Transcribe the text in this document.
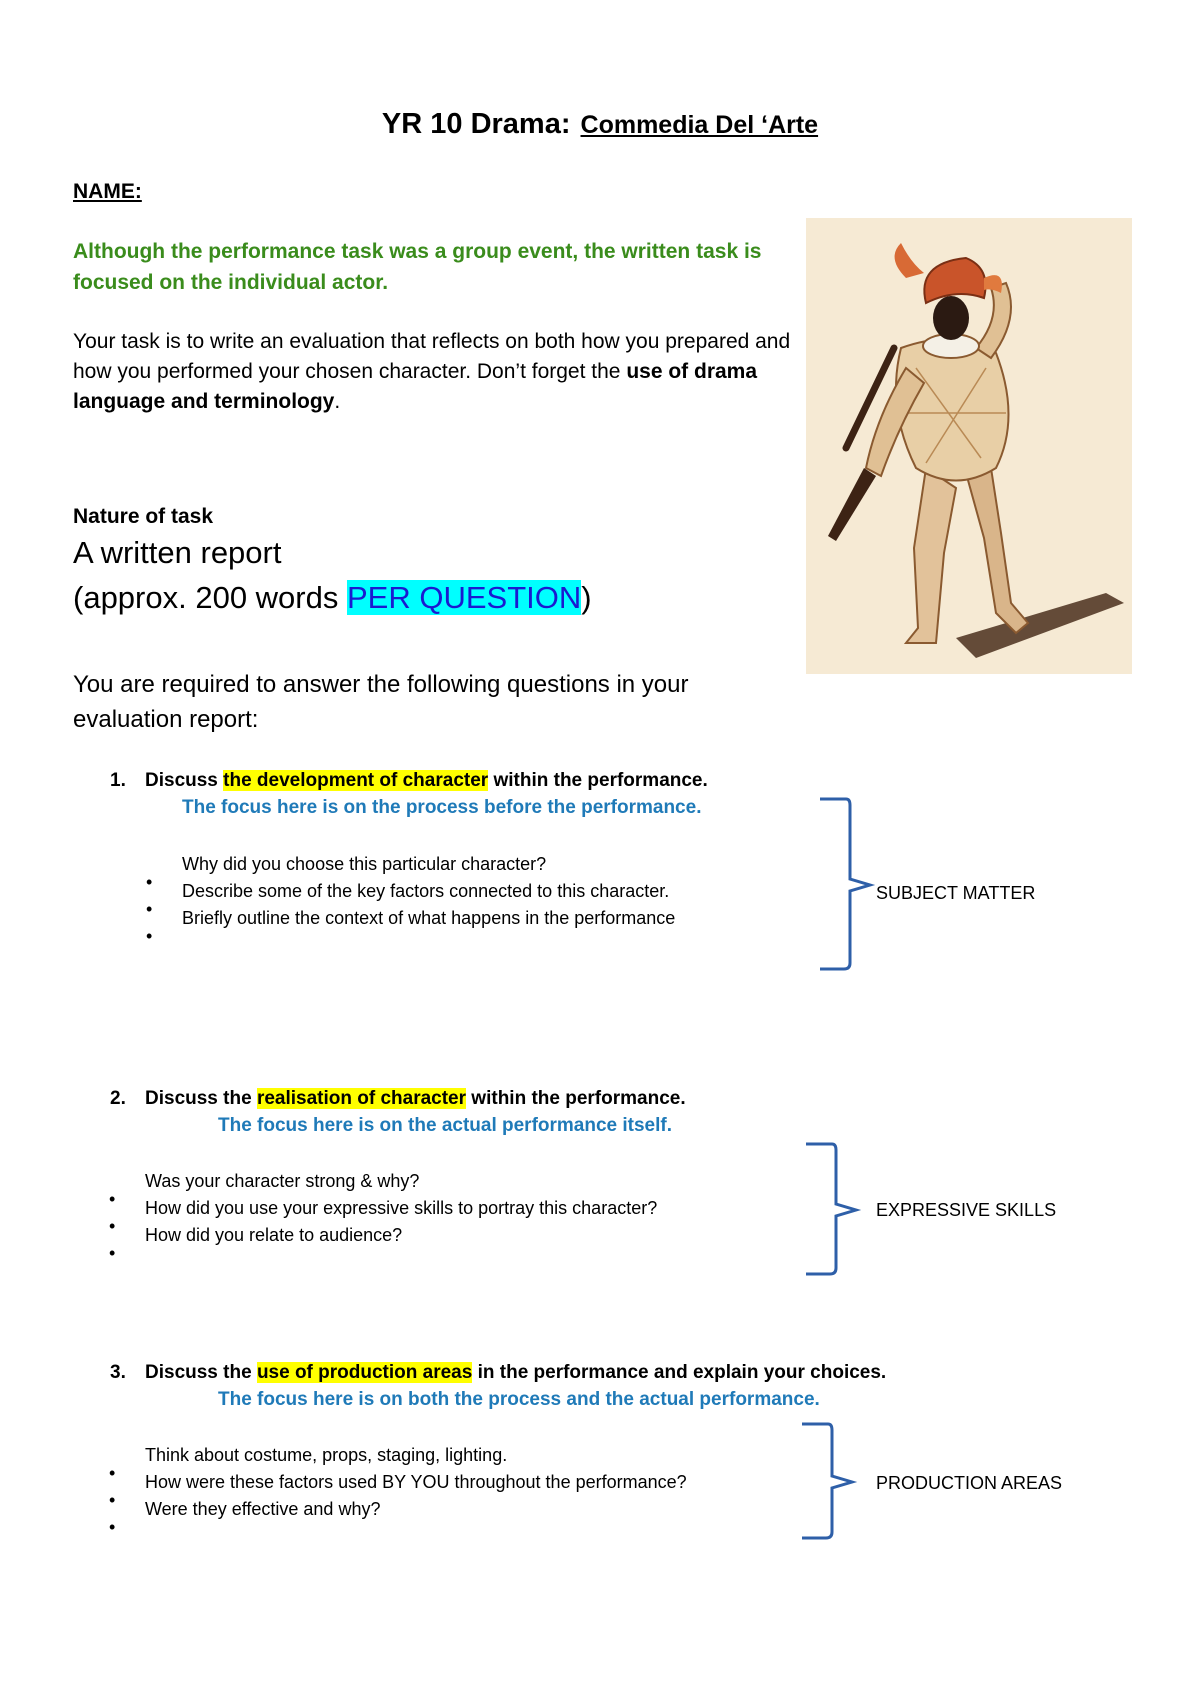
YR 10 Drama: Commedia Del ‘Arte
NAME:
Although the performance task was a group event, the written task is focused on the individual actor.
Your task is to write an evaluation that reflects on both how you prepared and how you performed your chosen character. Don’t forget the use of drama language and terminology.
Nature of task
A written report
(approx. 200 words PER QUESTION)
You are required to answer the following questions in your evaluation report:
1. Discuss the development of character within the performance.
The focus here is on the process before the performance.
Why did you choose this particular character?
Describe some of the key factors connected to this character.
Briefly outline the context of what happens in the performance
SUBJECT MATTER
2. Discuss the realisation of character within the performance.
The focus here is on the actual performance itself.
Was your character strong & why?
How did you use your expressive skills to portray this character?
How did you relate to audience?
EXPRESSIVE SKILLS
3. Discuss the use of production areas in the performance and explain your choices.
The focus here is on both the process and the actual performance.
Think about costume, props, staging, lighting.
How were these factors used BY YOU throughout the performance?
Were they effective and why?
PRODUCTION AREAS
